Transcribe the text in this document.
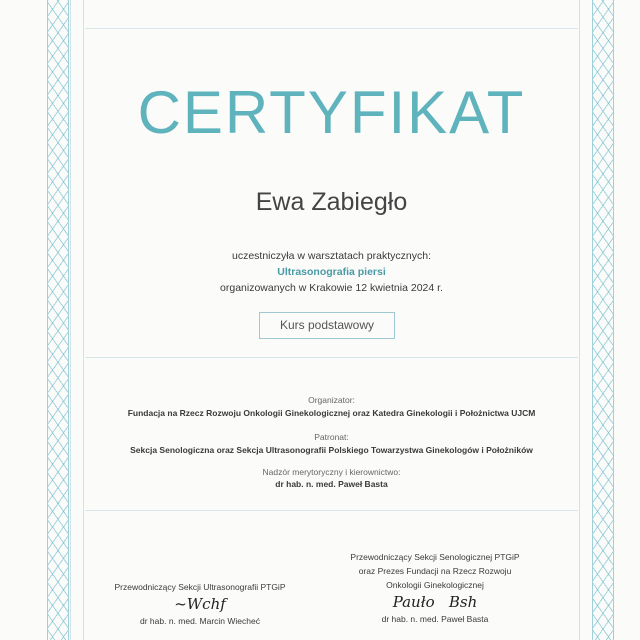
CERTYFIKAT
Ewa Zabiegło
uczestniczyła w warsztatach praktycznych:
Ultrasonografia piersi
organizowanych w Krakowie 12 kwietnia 2024 r.
Kurs podstawowy
Organizator:
Fundacja na Rzecz Rozwoju Onkologii Ginekologicznej oraz Katedra Ginekologii i Położnictwa UJCM
Patronat:
Sekcja Senologiczna oraz Sekcja Ultrasonografii Polskiego Towarzystwa Ginekologów i Położników
Nadzór merytoryczny i kierownictwo:
dr hab. n. med. Paweł Basta
Przewodniczący Sekcji Ultrasonografii PTGiP
~Wchf
dr hab. n. med. Marcin Wiecheć
Przewodniczący Sekcji Senologicznej PTGiP
oraz Prezes Fundacji na Rzecz Rozwoju
Onkologii Ginekologicznej
Pauło   Bsh
dr hab. n. med. Paweł Basta
